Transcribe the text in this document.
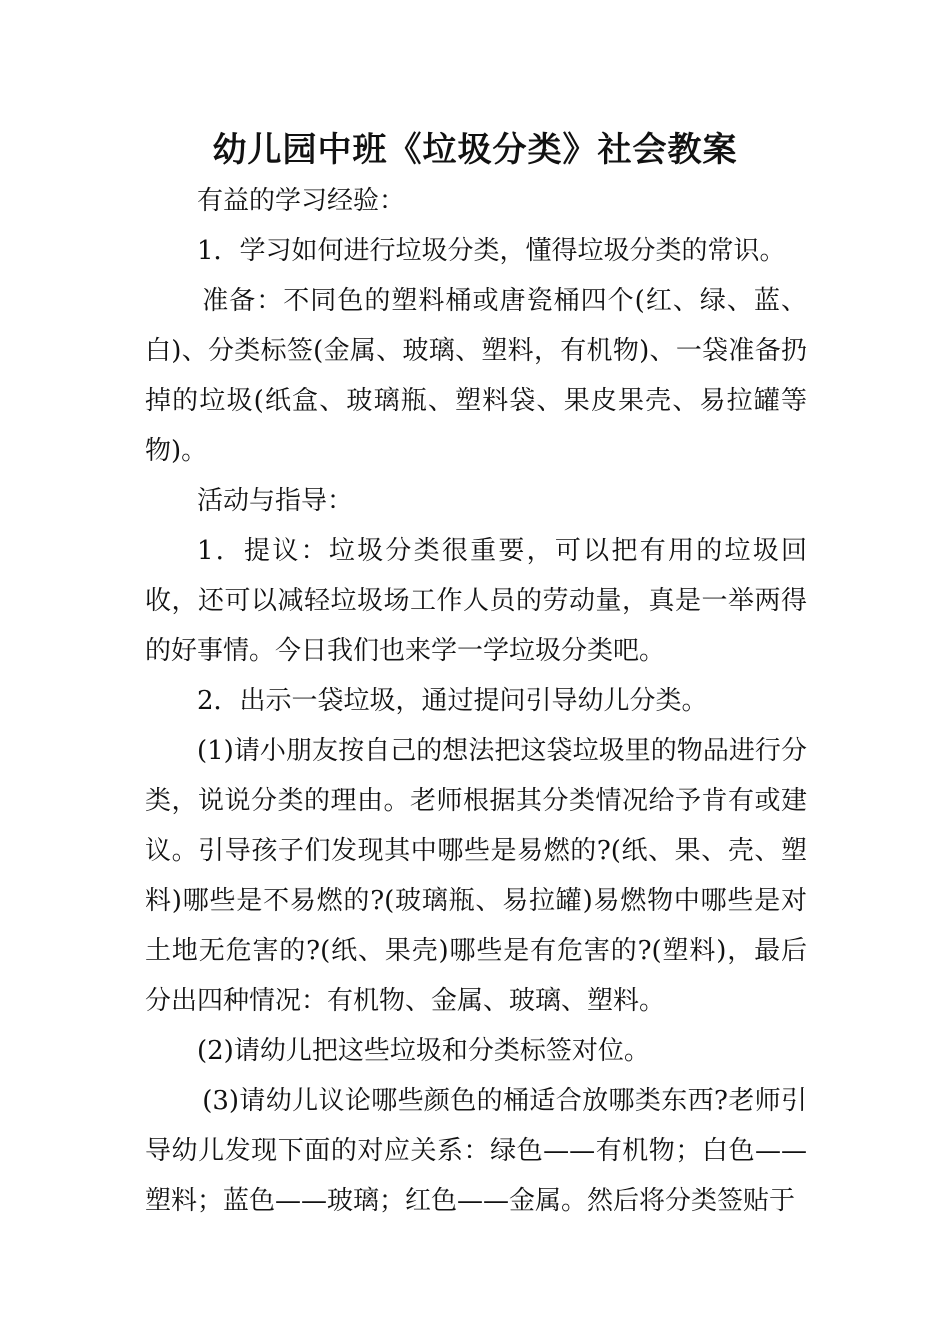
幼儿园中班《垃圾分类》社会教案

有益的学习经验：

1．学习如何进行垃圾分类，懂得垃圾分类的常识。

准备：不同色的塑料桶或唐瓷桶四个(红、绿、蓝、白)、分类标签(金属、玻璃、塑料，有机物)、一袋准备扔掉的垃圾(纸盒、玻璃瓶、塑料袋、果皮果壳、易拉罐等物)。

活动与指导：

1．提议：垃圾分类很重要，可以把有用的垃圾回收，还可以减轻垃圾场工作人员的劳动量，真是一举两得的好事情。今日我们也来学一学垃圾分类吧。

2．出示一袋垃圾，通过提问引导幼儿分类。

(1)请小朋友按自己的想法把这袋垃圾里的物品进行分类，说说分类的理由。老师根据其分类情况给予肯有或建议。引导孩子们发现其中哪些是易燃的?(纸、果、壳、塑料)哪些是不易燃的?(玻璃瓶、易拉罐)易燃物中哪些是对土地无危害的?(纸、果壳)哪些是有危害的?(塑料)，最后分出四种情况：有机物、金属、玻璃、塑料。

(2)请幼儿把这些垃圾和分类标签对位。

(3)请幼儿议论哪些颜色的桶适合放哪类东西?老师引导幼儿发现下面的对应关系：绿色——有机物；白色——塑料；蓝色——玻璃；红色——金属。然后将分类签贴于
